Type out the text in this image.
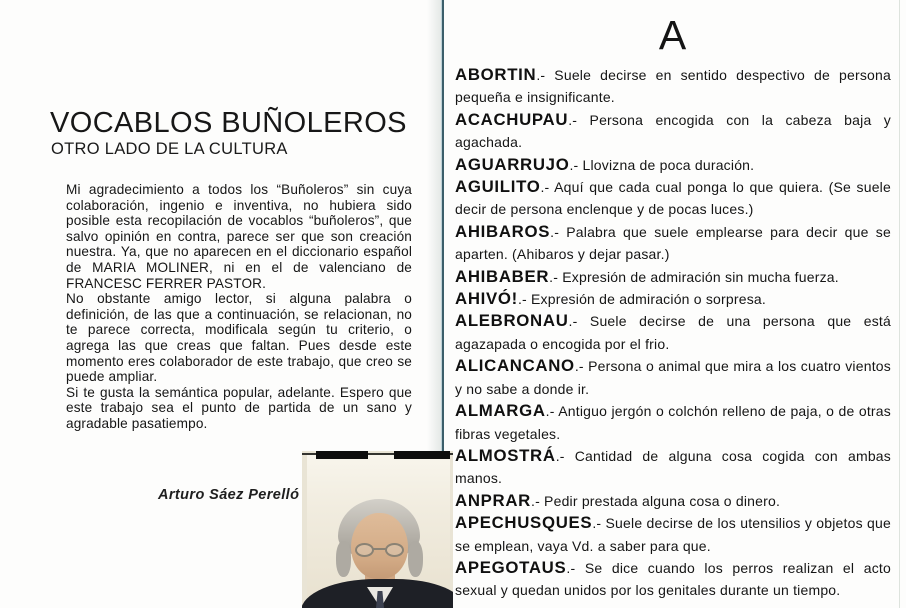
VOCABLOS BUÑOLEROS
OTRO LADO DE LA CULTURA

Mi agradecimiento a todos los “Buñoleros” sin cuya colaboración, ingenio e inventiva, no hubiera sido posible esta recopilación de vocablos “buñoleros”, que salvo opinión en contra, parece ser que son creación nuestra. Ya, que no aparecen en el diccionario español de MARIA MOLINER, ni en el de valenciano de FRANCESC FERRER PASTOR.

No obstante amigo lector, si alguna palabra o definición, de las que a continuación, se relacionan, no te parece correcta, modificala según tu criterio, o agrega las que creas que faltan. Pues desde este momento eres colaborador de este trabajo, que creo se puede ampliar.

Si te gusta la semántica popular, adelante. Espero que este trabajo sea el punto de partida de un sano y agradable pasatiempo.

Arturo Sáez Perelló
A

ABORTIN.- Suele decirse en sentido despectivo de persona pequeña e insignificante.

ACACHUPAU.- Persona encogida con la cabeza baja y agachada.

AGUARRUJO.- Llovizna de poca duración.

AGUILITO.- Aquí que cada cual ponga lo que quiera. (Se suele decir de persona enclenque y de pocas luces.)

AHIBAROS.- Palabra que suele emplearse para decir que se aparten. (Ahibaros y dejar pasar.)

AHIBABER.- Expresión de admiración sin mucha fuerza.

AHIVÓ!.- Expresión de admiración o sorpresa.

ALEBRONAU.- Suele decirse de una persona que está agazapada o encogida por el frio.

ALICANCANO.- Persona o animal que mira a los cuatro vientos y no sabe a donde ir.

ALMARGA.- Antiguo jergón o colchón relleno de paja, o de otras fibras vegetales.

ALMOSTRÁ.- Cantidad de alguna cosa cogida con ambas manos.

ANPRAR.- Pedir prestada alguna cosa o dinero.

APECHUSQUES.- Suele decirse de los utensilios y objetos que se emplean, vaya Vd. a saber para que.

APEGOTAUS.- Se dice cuando los perros realizan el acto sexual y quedan unidos por los genitales durante un tiempo.
